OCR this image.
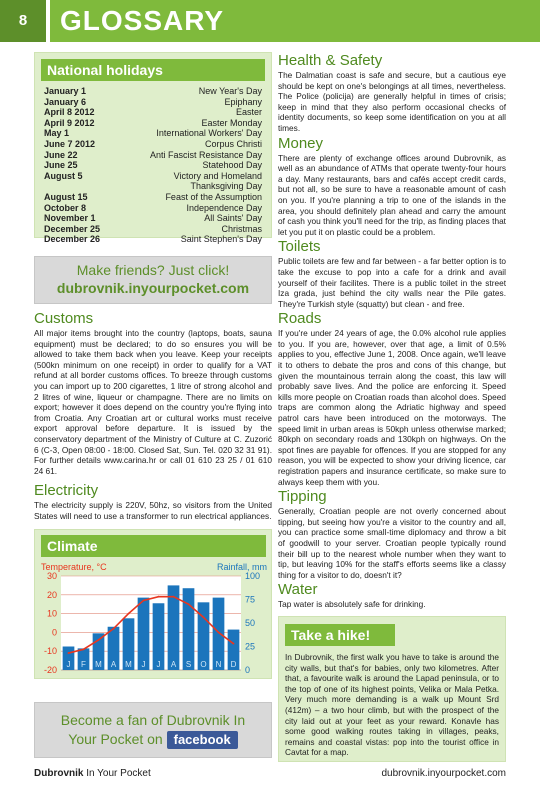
8	GLOSSARY
National holidays
January 1	New Year's Day
January 6	Epiphany
April 8 2012	Easter
April 9 2012	Easter Monday
May 1	International Workers' Day
June 7 2012	Corpus Christi
June 22	Anti Fascist Resistance Day
June 25	Statehood Day
August 5	Victory and Homeland
	Thanksgiving Day
August 15	Feast of the Assumption
October 8	Independence Day
November 1	All Saints' Day
December 25	Christmas
December 26	Saint Stephen's Day
Make friends? Just click!
dubrovnik.inyourpocket.com
Customs

All major items brought into the country (laptops, boats, sauna equipment) must be declared; to do so ensures you will be allowed to take them back when you leave. Keep your receipts (500kn minimum on one receipt) in order to qualify for a VAT refund at all border customs offices. To breeze through customs you can import up to 200 cigarettes, 1 litre of strong alcohol and 2 litres of wine, liqueur or champagne. There are no limits on export; however it does depend on the country you're flying into from Croatia. Any Croatian art or cultural works must receive export approval before departure. It is issued by the conservatory department of the Ministry of Culture at C. Zuzorić 6 (C-3, Open 08:00 - 18:00. Closed Sat, Sun. Tel. 020 32 31 91). For further details www.carina.hr or call 01 610 23 25 / 01 610 24 61.

Electricity

The electricity supply is 220V, 50hz, so visitors from the United States will need to use a transformer to run electrical appliances.

Climate
Temperature, °C	Rainfall, mm
30
20
10
0
-10
-20
100
75
50
25
0
J F M A M J J A S O N D
Become a fan of Dubrovnik In
Your Pocket on facebook
Health & Safety

The Dalmatian coast is safe and secure, but a cautious eye should be kept on one's belongings at all times, nevertheless. The Police (policija) are generally helpful in times of crisis; keep in mind that they also perform occasional checks of identity documents, so keep some identification on you at all times.

Money

There are plenty of exchange offices around Dubrovnik, as well as an abundance of ATMs that operate twenty-four hours a day. Many restaurants, bars and cafés accept credit cards, but not all, so be sure to have a reasonable amount of cash on you. If you're planning a trip to one of the islands in the area, you should definitely plan ahead and carry the amount of cash you think you'll need for the trip, as finding places that let you put it on plastic could be a problem.

Toilets

Public toilets are few and far between - a far better option is to take the excuse to pop into a cafe for a drink and avail yourself of their facilites. There is a public toilet in the street Iza grada, just behind the city walls near the Pile gates. They're Turkish style (squatty) but clean - and free.

Roads

If you're under 24 years of age, the 0.0% alcohol rule applies to you. If you are, however, over that age, a limit of 0.5% applies to you, effective June 1, 2008. Once again, we'll leave it to others to debate the pros and cons of this change, but given the mountainous terrain along the coast, this law will probably save lives. And the police are enforcing it. Speed kills more people on Croatian roads than alcohol does. Speed traps are common along the Adriatic highway and speed patrol cars have been introduced on the motorways. The speed limit in urban areas is 50kph unless otherwise marked; 80kph on secondary roads and 130kph on highways. On the spot fines are payable for offences. If you are stopped for any reason, you will be expected to show your driving licence, car registration papers and insurance certificate, so make sure to always keep them with you.

Tipping

Generally, Croatian people are not overly concerned about tipping, but seeing how you're a visitor to the country and all, you can practice some small-time diplomacy and throw a bit of goodwill to your server. Croatian people typically round their bill up to the nearest whole number when they want to tip, but leaving 10% for the staff's efforts seems like a classy thing for a visitor to do, doesn't it?

Water

Tap water is absolutely safe for drinking.

Take a hike!

In Dubrovnik, the first walk you have to take is around the city walls, but that's for babies, only two kilometres. After that, a favourite walk is around the Lapad peninsula, or to the top of one of its highest points, Velika or Mala Petka. Very much more demanding is a walk up Mount Srd (412m) – a two hour climb, but with the prospect of the city laid out at your feet as your reward. Konavle has some good walking routes taking in villages, peaks, remains and coastal vistas: pop into the tourist office in Cavtat for a map.

Dubrovnik In Your Pocket	dubrovnik.inyourpocket.com
